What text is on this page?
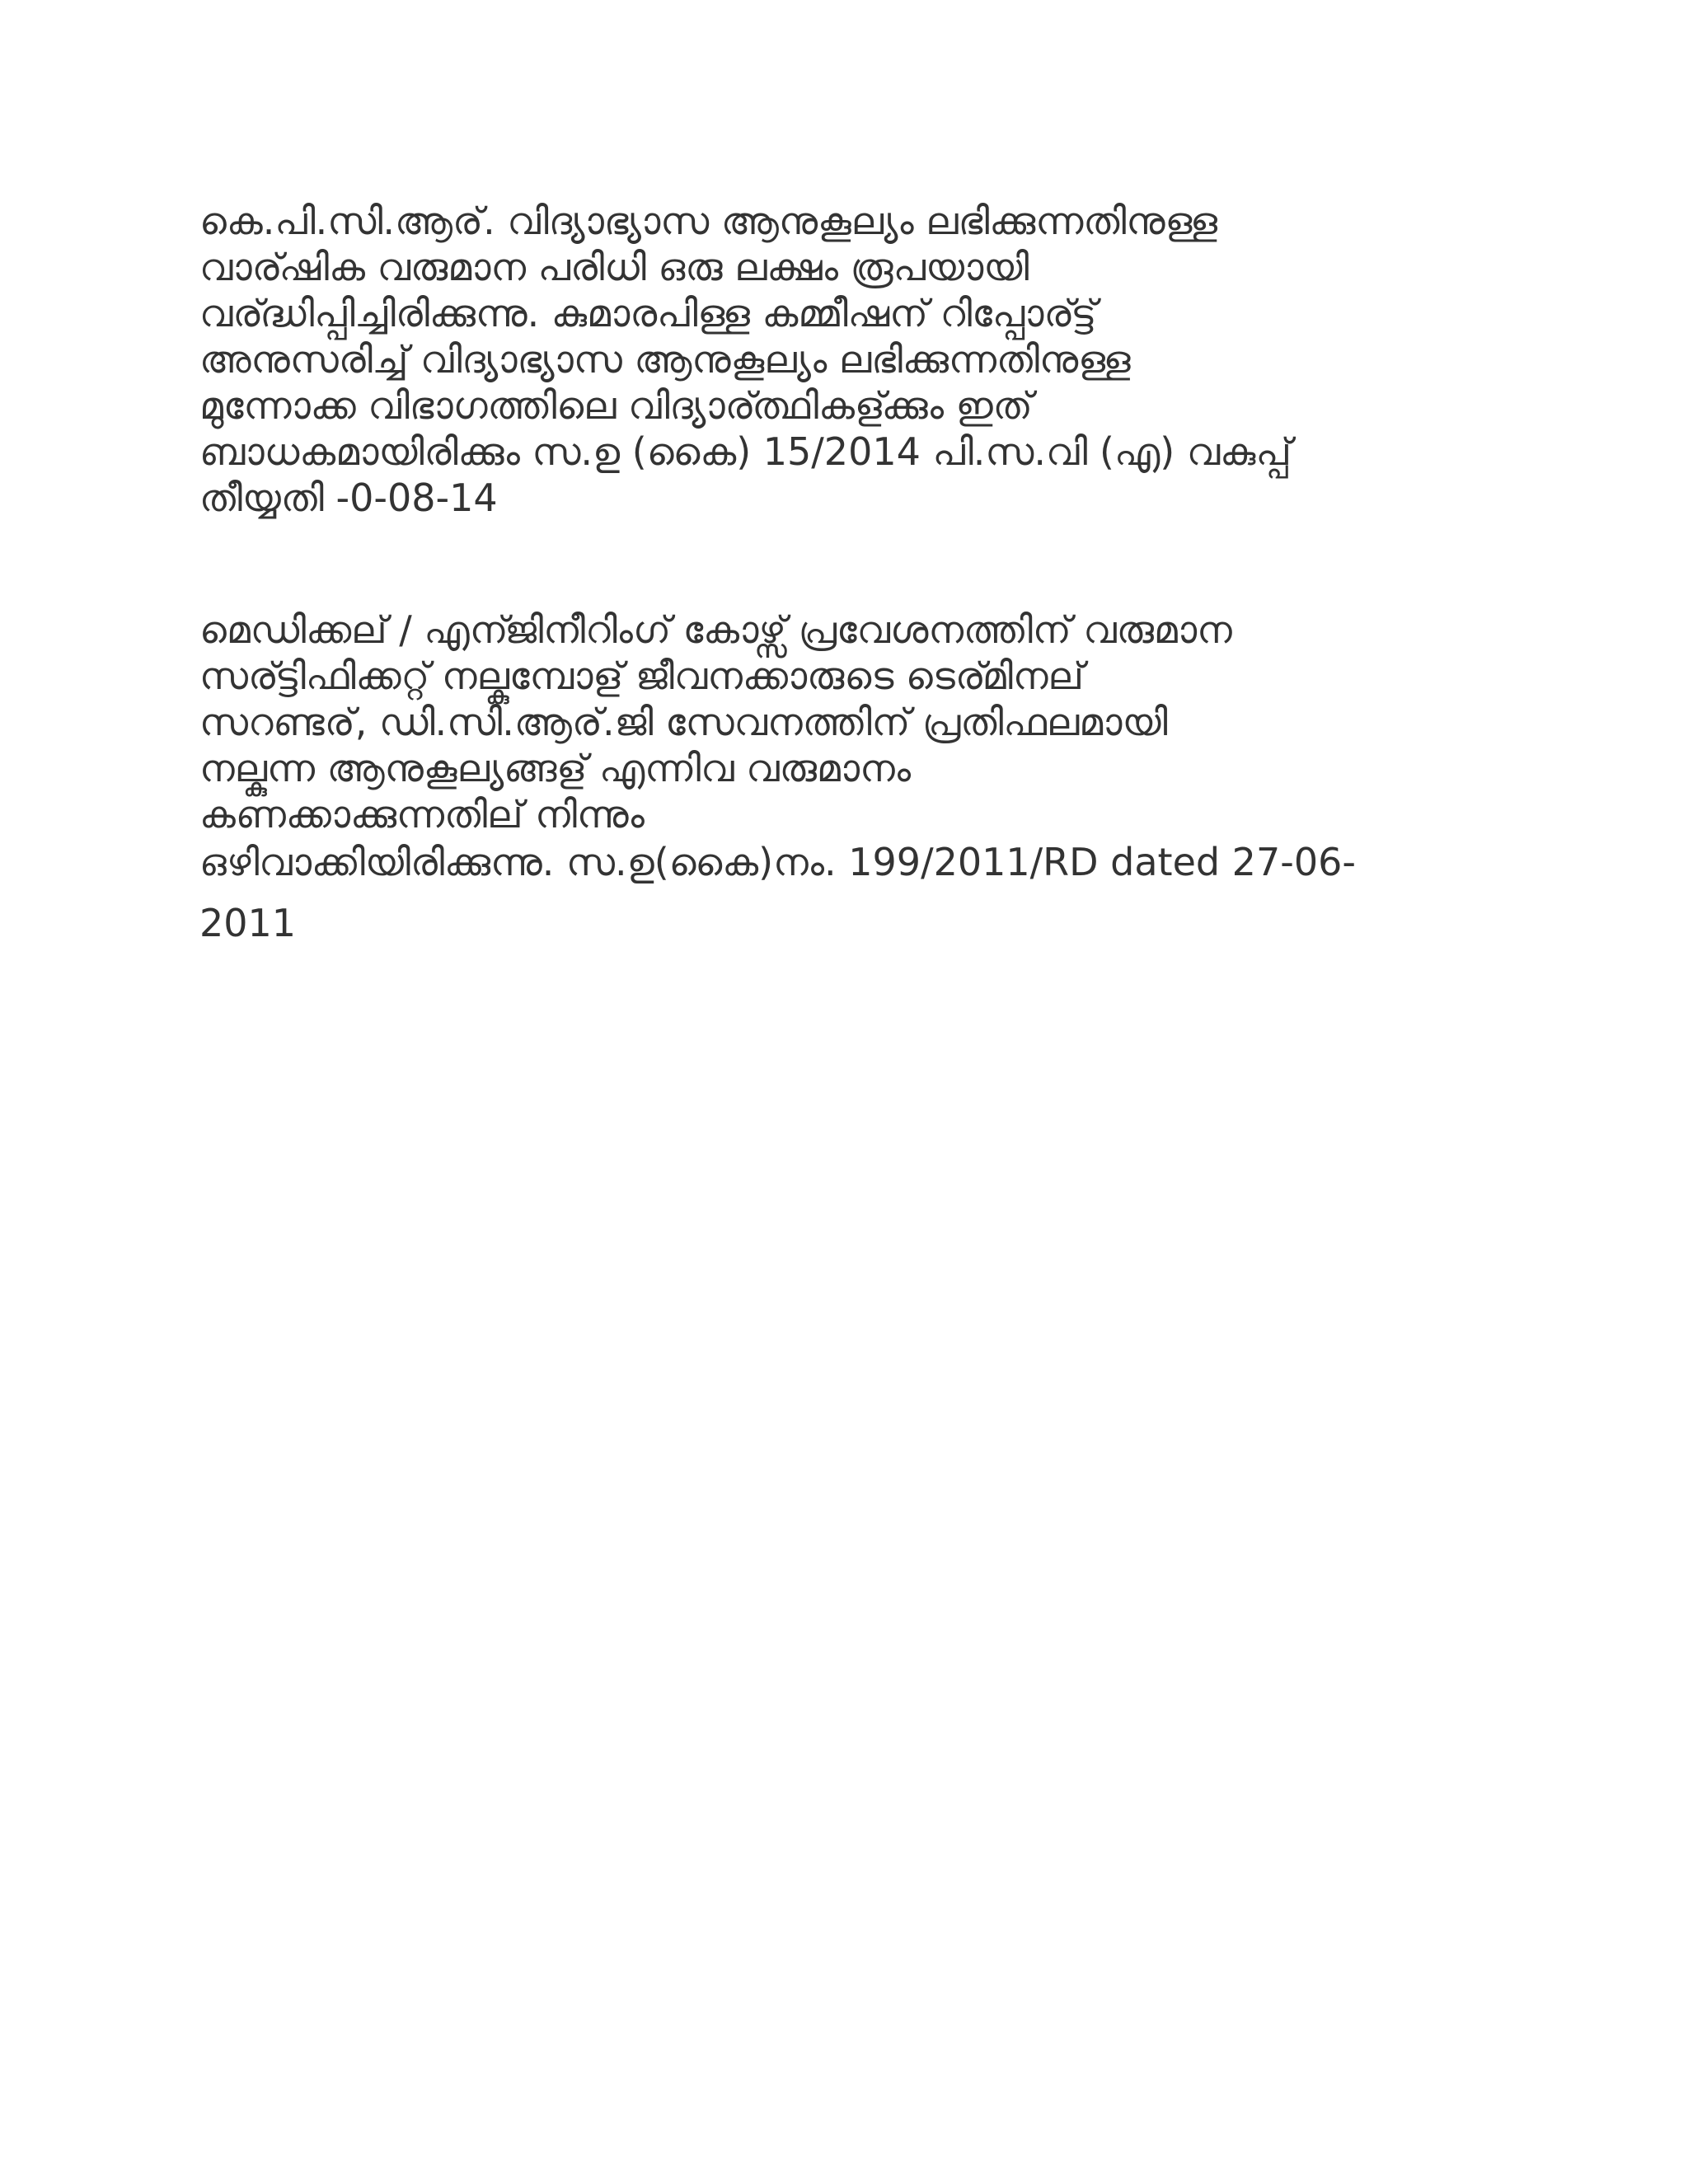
കെ.പി.സി.ആര്. വിദ്യാഭ്യാസ ആനുകൂല്യം ലഭിക്കുന്നതിനുള്ള
വാര്ഷിക വരുമാന പരിധി ഒരു ലക്ഷം രൂപയായി
വര്ദ്ധിപ്പിച്ചിരിക്കുന്നു. കുമാരപിള്ള കമ്മീഷന് റിപ്പോര്ട്ട്
അനുസരിച്ച് വിദ്യാഭ്യാസ ആനുകൂല്യം ലഭിക്കുന്നതിനുള്ള
മുന്നോക്ക വിഭാഗത്തിലെ വിദ്യാര്ത്ഥികള്ക്കും ഇത്
ബാധകമായിരിക്കും സ.ഉ (കൈ) 15/2014 പി.സ.വി (എ) വകുപ്പ്
തീയ്യതി -0-08-14
മെഡിക്കല് / എന്ജിനീറിംഗ് കോഴ്സ് പ്രവേശനത്തിന് വരുമാന
സര്ട്ടിഫിക്കറ്റ് നല്കുമ്പോള് ജീവനക്കാരുടെ ടെര്മിനല്
സറണ്ടര്, ഡി.സി.ആര്.ജി സേവനത്തിന് പ്രതിഫലമായി
നല്കുന്ന ആനുകൂല്യങ്ങള് എന്നിവ വരുമാനം
കണക്കാക്കുന്നതില് നിന്നും
ഒഴിവാക്കിയിരിക്കുന്നു. സ.ഉ(കൈ)നം. 199/2011/RD dated 27-06-
2011
